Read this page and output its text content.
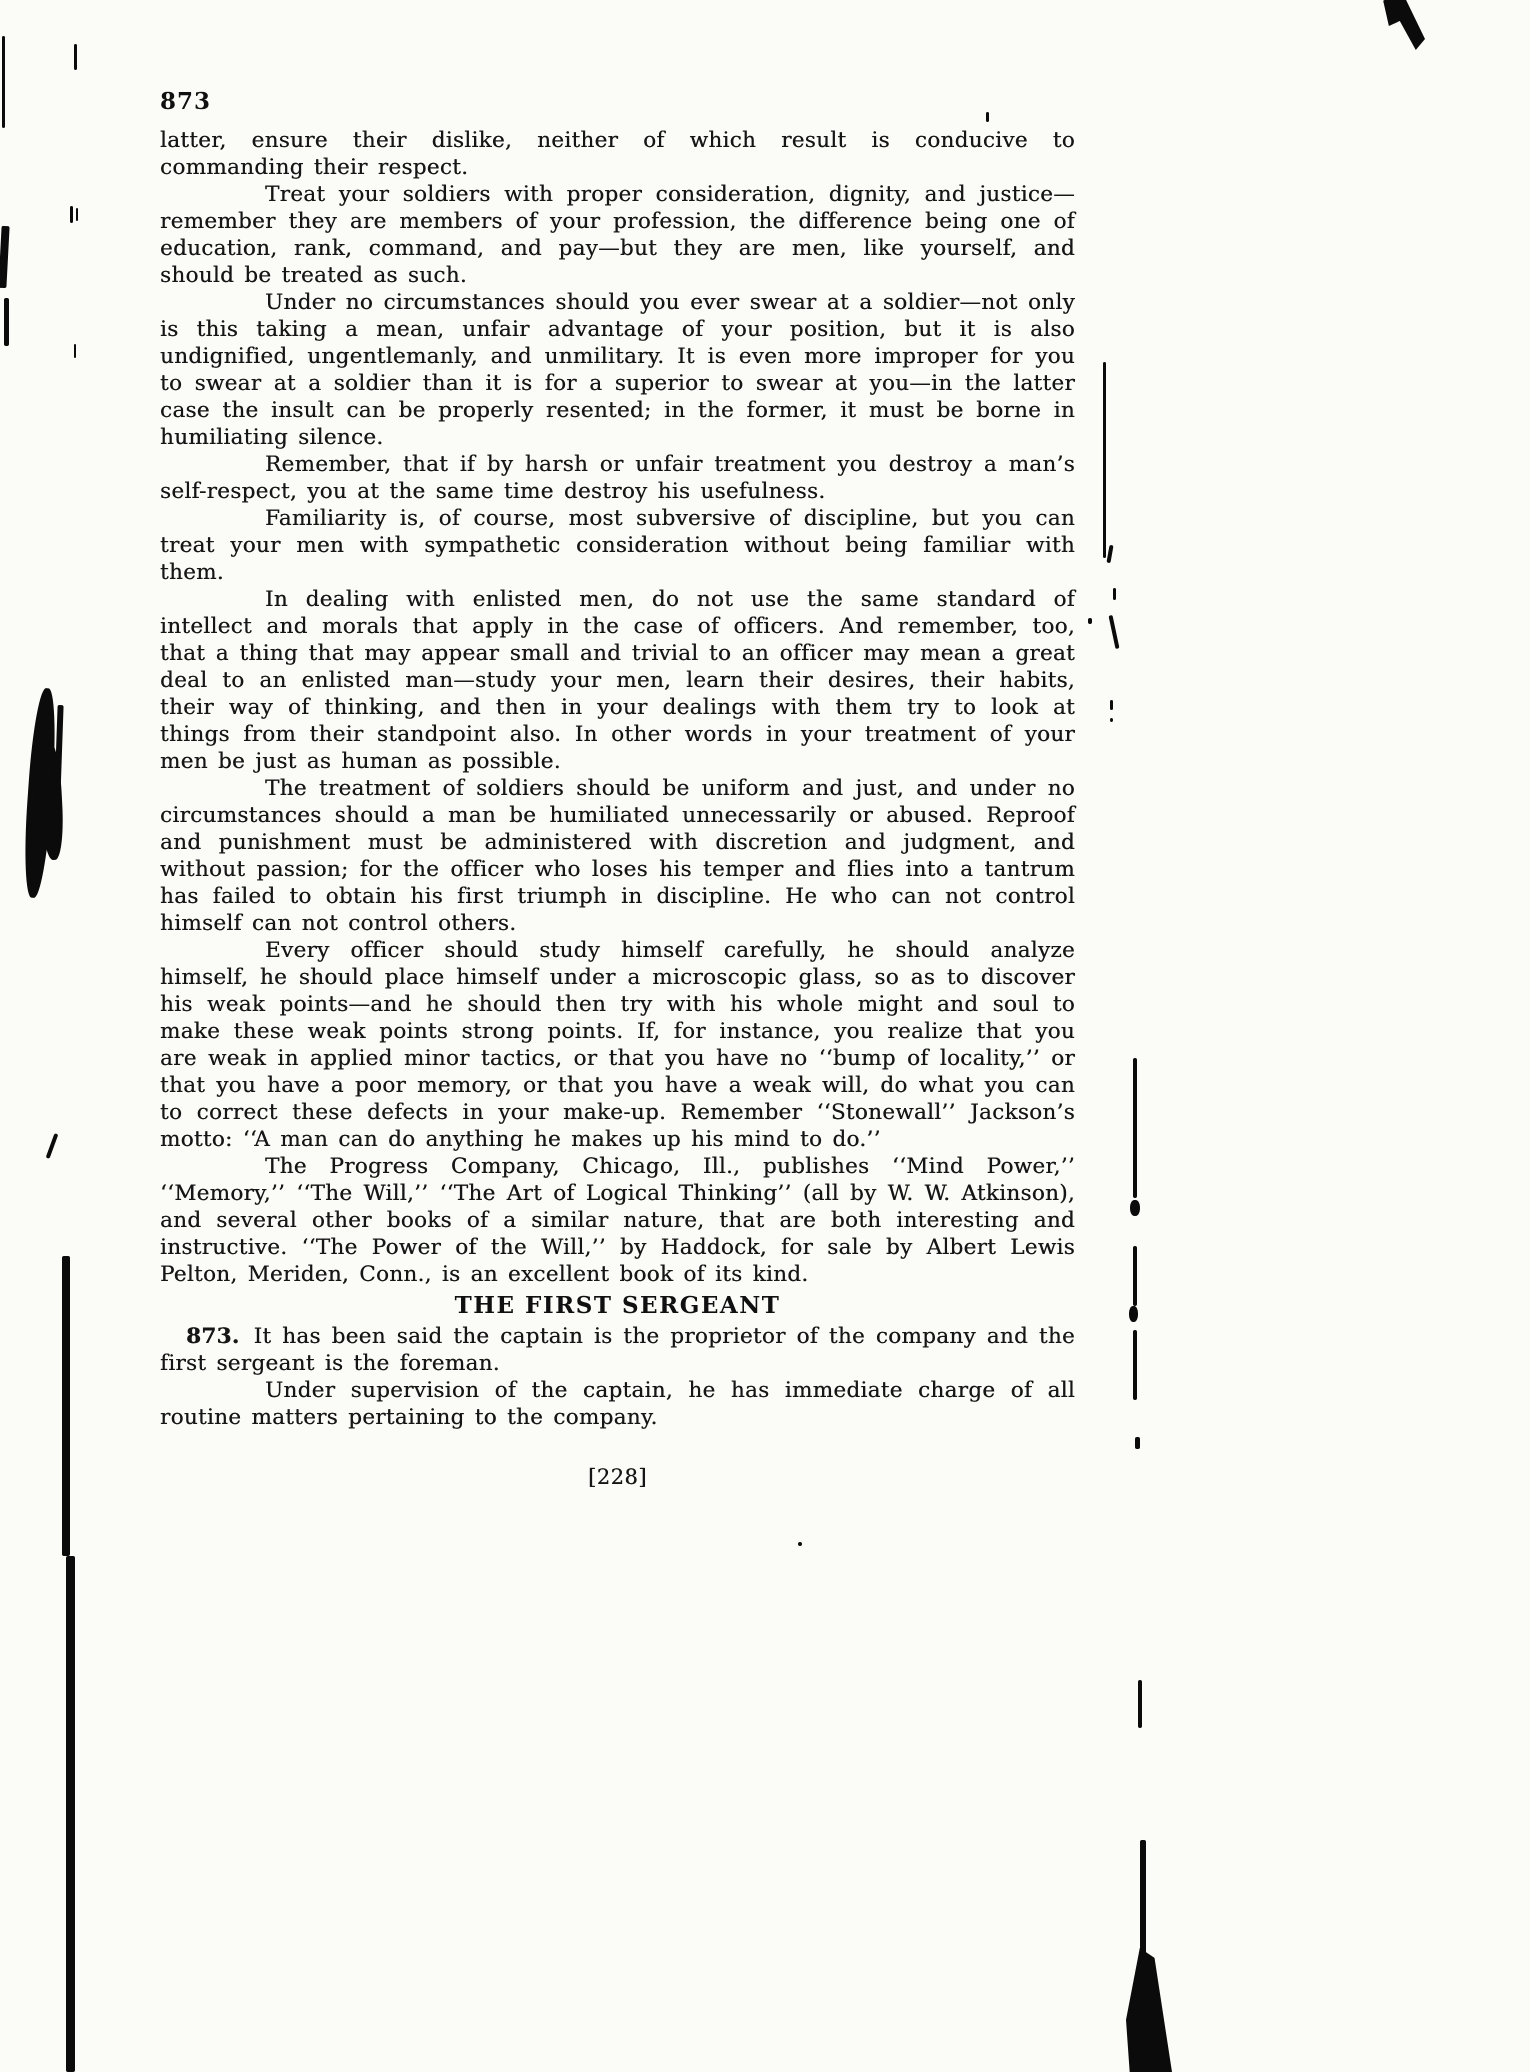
873

latter, ensure their dislike, neither of which result is conducive to commanding their respect.

Treat your soldiers with proper consideration, dignity, and justice—remember they are members of your profession, the difference being one of education, rank, command, and pay—but they are men, like yourself, and should be treated as such.

Under no circumstances should you ever swear at a soldier—not only is this taking a mean, unfair advantage of your position, but it is also undignified, ungentlemanly, and unmilitary. It is even more improper for you to swear at a soldier than it is for a superior to swear at you—in the latter case the insult can be properly resented; in the former, it must be borne in humiliating silence.

Remember, that if by harsh or unfair treatment you destroy a man’s self-respect, you at the same time destroy his usefulness.

Familiarity is, of course, most subversive of discipline, but you can treat your men with sympathetic consideration without being familiar with them.

In dealing with enlisted men, do not use the same standard of intellect and morals that apply in the case of officers. And remember, too, that a thing that may appear small and trivial to an officer may mean a great deal to an enlisted man—study your men, learn their desires, their habits, their way of thinking, and then in your dealings with them try to look at things from their standpoint also. In other words in your treatment of your men be just as human as possible.

The treatment of soldiers should be uniform and just, and under no circumstances should a man be humiliated unnecessarily or abused. Reproof and punishment must be administered with discretion and judgment, and without passion; for the officer who loses his temper and flies into a tantrum has failed to obtain his first triumph in discipline. He who can not control himself can not control others.

Every officer should study himself carefully, he should analyze himself, he should place himself under a microscopic glass, so as to discover his weak points—and he should then try with his whole might and soul to make these weak points strong points. If, for instance, you realize that you are weak in applied minor tactics, or that you have no ‘‘bump of locality,’’ or that you have a poor memory, or that you have a weak will, do what you can to correct these defects in your make-up. Remember ‘‘Stonewall’’ Jackson’s motto: ‘‘A man can do anything he makes up his mind to do.’’

The Progress Company, Chicago, Ill., publishes ‘‘Mind Power,’’ ‘‘Memory,’’ ‘‘The Will,’’ ‘‘The Art of Logical Thinking’’ (all by W. W. Atkinson), and several other books of a similar nature, that are both interesting and instructive. ‘‘The Power of the Will,’’ by Haddock, for sale by Albert Lewis Pelton, Meriden, Conn., is an excellent book of its kind.

THE FIRST SERGEANT

873. It has been said the captain is the proprietor of the company and the first sergeant is the foreman.

Under supervision of the captain, he has immediate charge of all routine matters pertaining to the company.

[228]
